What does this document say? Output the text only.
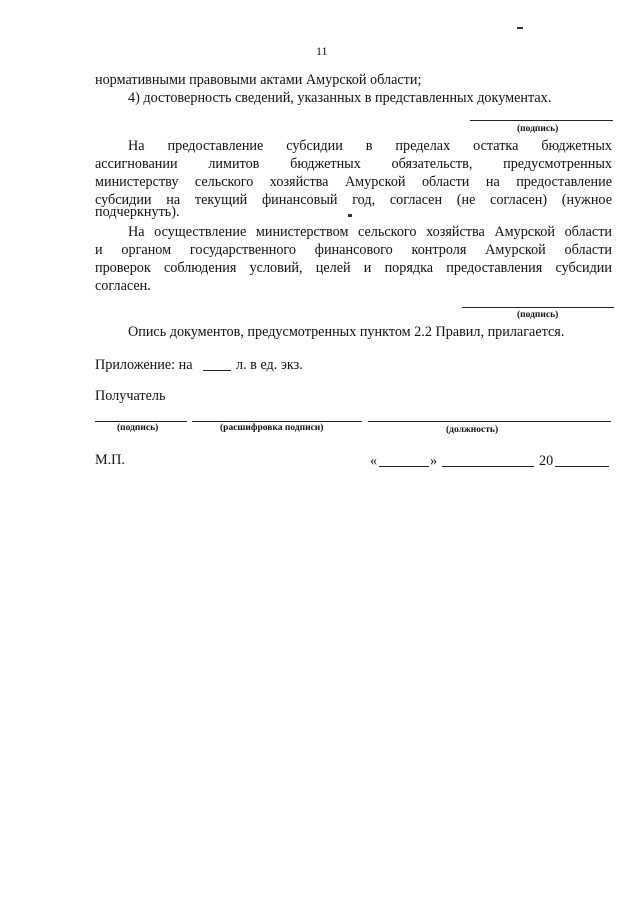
11
нормативными правовыми актами Амурской области;
4) достоверность сведений, указанных в представленных документах.
(подпись)
На предоставление субсидии в пределах остатка бюджетных
ассигновании лимитов бюджетных обязательств, предусмотренных
министерству сельского хозяйства Амурской области на предоставление
субсидии на текущий финансовый год, согласен (не согласен) (нужное
подчеркнуть).
На осуществление министерством сельского хозяйства Амурской области
и органом государственного финансового контроля Амурской области
проверок соблюдения условий, целей и порядка предоставления субсидии
согласен.
(подпись)
Опись документов, предусмотренных пунктом 2.2 Правил, прилагается.
Приложение: на	л. в ед. экз.
Получатель
(подпись)	(расшифровка подписи)	(должность)
М.П.	«	»	20
